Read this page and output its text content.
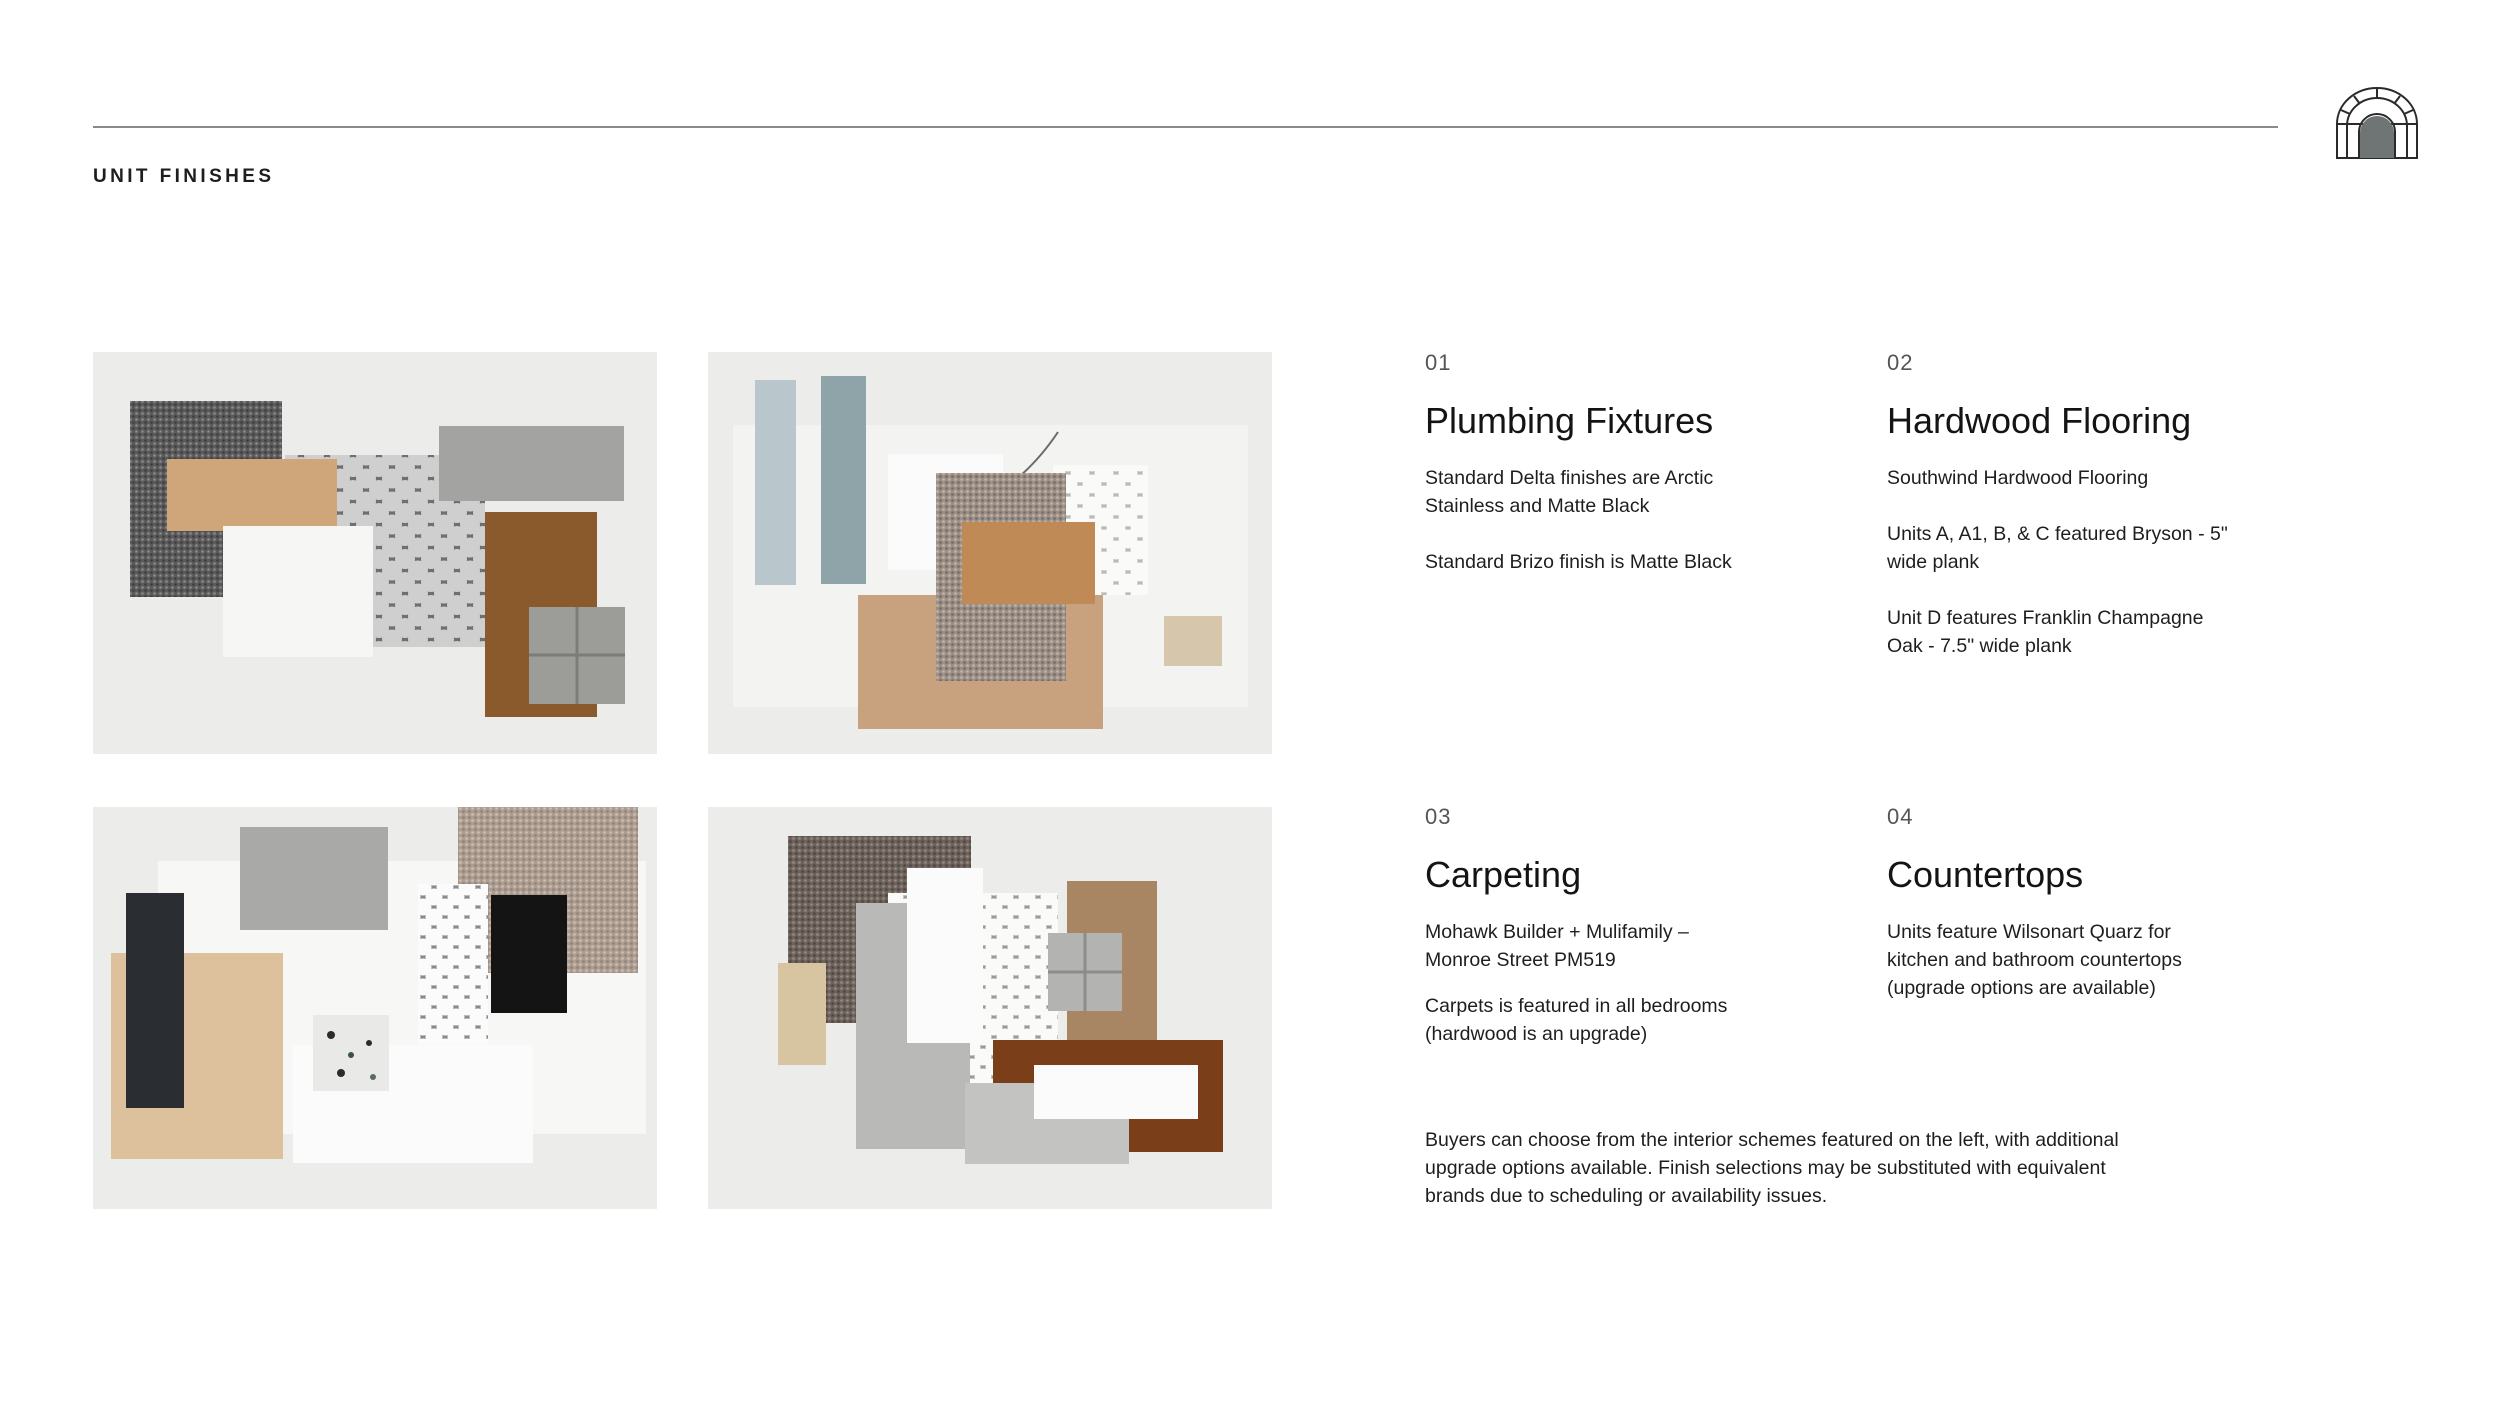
UNIT FINISHES
01
Plumbing Fixtures
Standard Delta finishes are Arctic
Stainless and Matte Black
Standard Brizo finish is Matte Black
02
Hardwood Flooring
Southwind Hardwood Flooring
Units A, A1, B, & C featured Bryson - 5"
wide plank
Unit D features Franklin Champagne
Oak - 7.5" wide plank
03
Carpeting
Mohawk Builder + Mulifamily –
Monroe Street PM519
Carpets is featured in all bedrooms
(hardwood is an upgrade)
04
Countertops
Units feature Wilsonart Quarz for
kitchen and bathroom countertops
(upgrade options are available)
Buyers can choose from the interior schemes featured on the left, with additional
upgrade options available. Finish selections may be substituted with equivalent
brands due to scheduling or availability issues.
